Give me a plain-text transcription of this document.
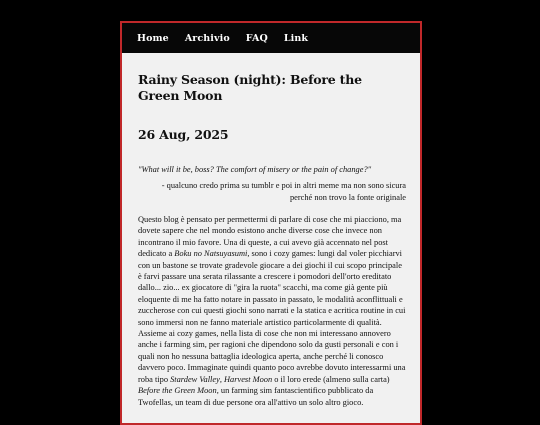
Home Archivio FAQ Link
Rainy Season (night): Before the Green Moon
26 Aug, 2025

"What will it be, boss? The comfort of misery or the pain of change?"

- qualcuno credo prima su tumblr e poi in altri meme ma non sono sicura perché non trovo la fonte originale

Questo blog è pensato per permettermi di parlare di cose che mi piacciono, ma dovete sapere che nel mondo esistono anche diverse cose che invece non incontrano il mio favore. Una di queste, a cui avevo già accennato nel post dedicato a Boku no Natsuyasumi, sono i cozy games: lungi dal voler picchiarvi con un bastone se trovate gradevole giocare a dei giochi il cui scopo principale è farvi passare una serata rilassante a crescere i pomodori dell'orto ereditato dallo... zio... ex giocatore di "gira la ruota" scacchi, ma come già gente più eloquente di me ha fatto notare in passato in passato, le modalità aconflittuali e zuccherose con cui questi giochi sono narrati e la statica e acritica routine in cui sono immersi non ne fanno materiale artistico particolarmente di qualità. Assieme ai cozy games, nella lista di cose che non mi interessano annovero anche i farming sim, per ragioni che dipendono solo da gusti personali e con i quali non ho nessuna battaglia ideologica aperta, anche perché li conosco davvero poco. Immaginate quindi quanto poco avrebbe dovuto interessarmi una roba tipo Stardew Valley, Harvest Moon o il loro erede (almeno sulla carta) Before the Green Moon, un farming sim fantascientifico pubblicato da Twofellas, un team di due persone ora all'attivo un solo altro gioco.
